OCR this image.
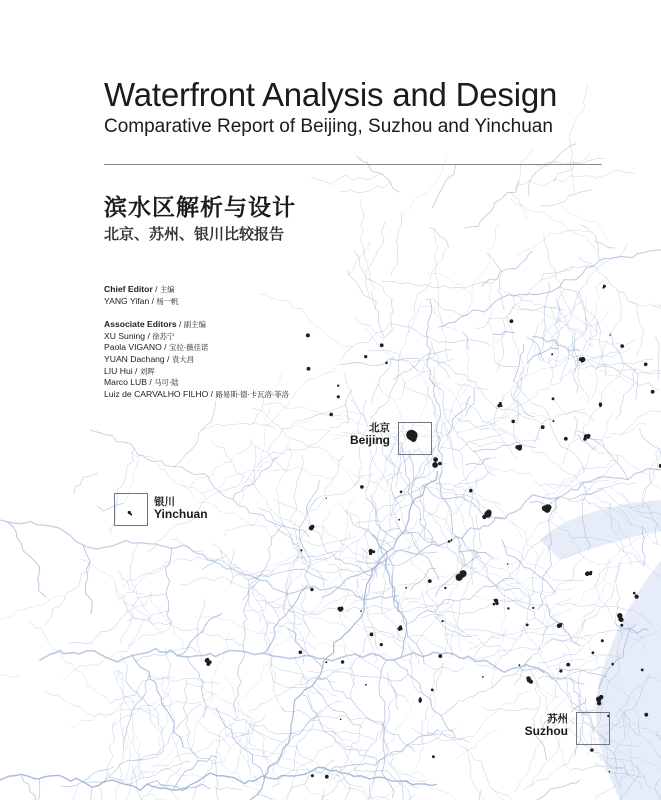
Waterfront Analysis and Design
Comparative Report of Beijing, Suzhou and Yinchuan
滨水区解析与设计
北京、苏州、银川比较报告
Chief Editor / 主编
YANG Yifan / 杨一帆
Associate Editors / 副主编
XU Suning / 徐苏宁
Paola VIGANO / 宝拉·薇佳诺
YUAN Dachang / 袁大昌
LIU Hui / 刘晖
Marco LUB / 马可·陆
Luiz de CARVALHO FILHO / 路易斯·德·卡瓦洛·菲洛
北京
Beijing
银川
Yinchuan
苏州
Suzhou
